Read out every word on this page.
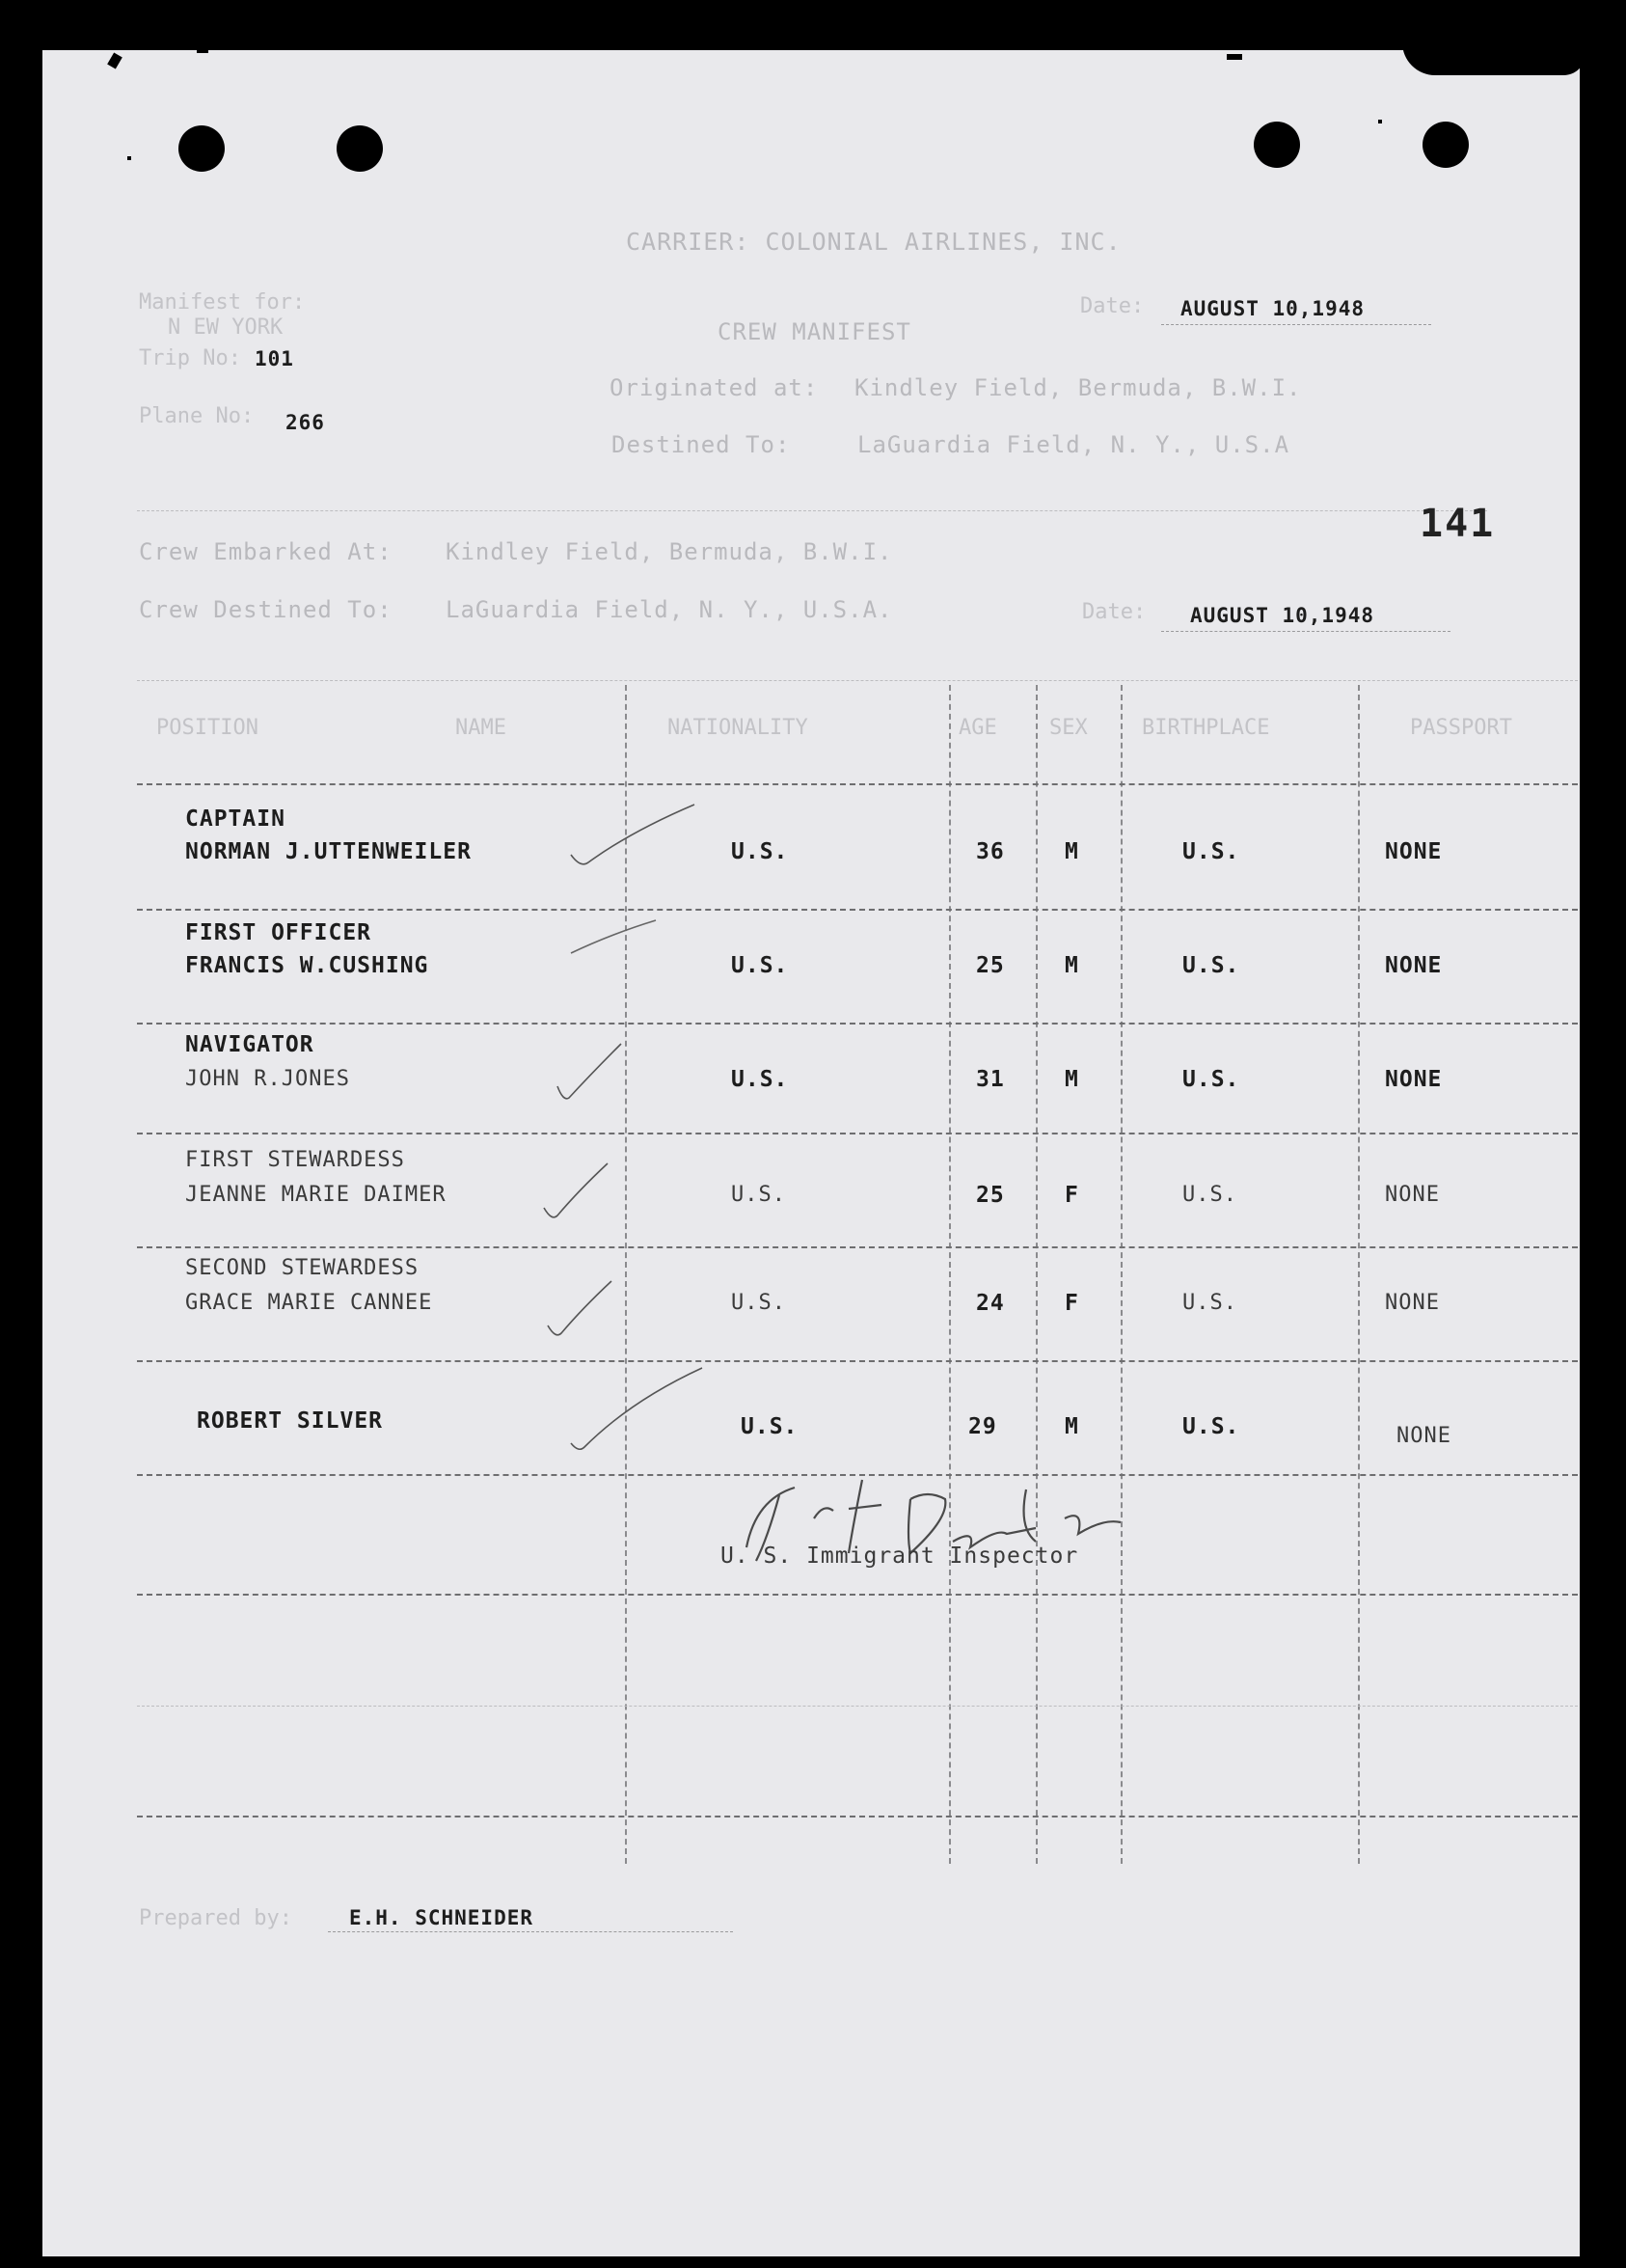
CARRIER: COLONIAL AIRLINES, INC.
Manifest for:
N EW YORK
Trip No: 101
Plane No: 266
Date: AUGUST 10,1948
CREW MANIFEST
Originated at: Kindley Field, Bermuda, B.W.I.
Destined To:	LaGuardia Field, N. Y., U.S.A
141
Crew Embarked At: Kindley Field, Bermuda, B.W.I.
Crew Destined To: LaGuardia Field, N. Y., U.S.A.	Date: AUGUST 10,1948
POSITION	NAME	NATIONALITY	AGE SEX	BIRTHPLACE	PASSPORT
CAPTAIN
NORMAN J.UTTENWEILER	U.S.	36	M	U.S.	NONE
FIRST OFFICER
FRANCIS W.CUSHING	U.S.	25	M	U.S.	NONE
NAVIGATOR
JOHN R.JONES	U.S.	31	M	U.S.	NONE
FIRST STEWARDESS
JEANNE MARIE DAIMER	U.S.	25	F	U.S.	NONE
SECOND STEWARDESS
GRACE MARIE CANNEE	U.S.	24	F	U.S.	NONE
ROBERT SILVER	U.S.	29	M	U.S.	NONE
U. S. Immigrant Inspector
Prepared by:	E.H. SCHNEIDER
